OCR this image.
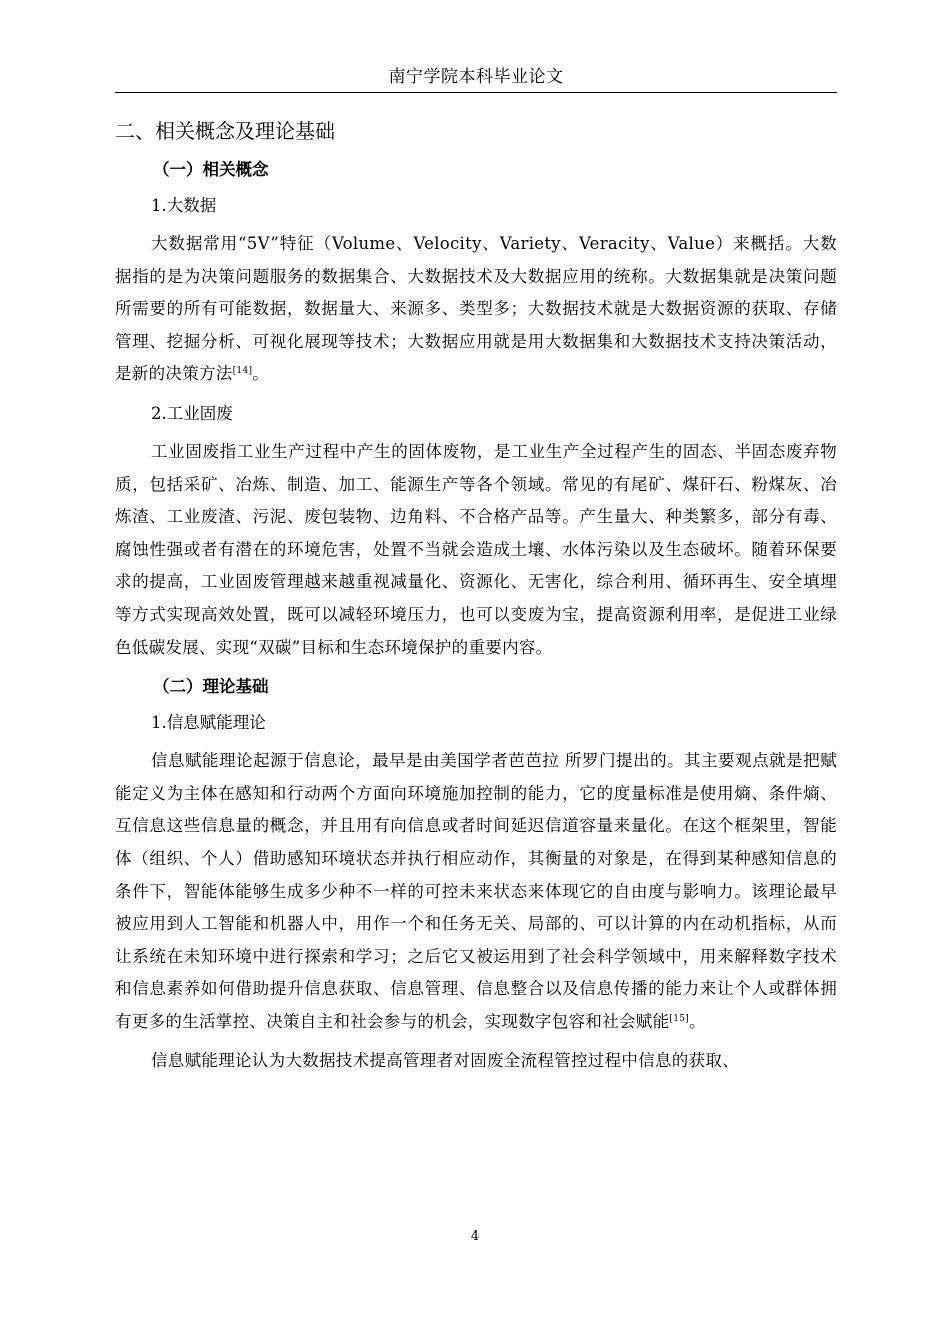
南宁学院本科毕业论文
二、相关概念及理论基础
（一）相关概念
1.大数据

大数据常用“5V”特征（Volume、Velocity、Variety、Veracity、Value）来概括。大数据指的是为决策问题服务的数据集合、大数据技术及大数据应用的统称。大数据集就是决策问题所需要的所有可能数据，数据量大、来源多、类型多；大数据技术就是大数据资源的获取、存储管理、挖掘分析、可视化展现等技术；大数据应用就是用大数据集和大数据技术支持决策活动，是新的决策方法[14]。

2.工业固废

工业固废指工业生产过程中产生的固体废物，是工业生产全过程产生的固态、半固态废弃物质，包括采矿、冶炼、制造、加工、能源生产等各个领域。常见的有尾矿、煤矸石、粉煤灰、冶炼渣、工业废渣、污泥、废包装物、边角料、不合格产品等。产生量大、种类繁多，部分有毒、腐蚀性强或者有潜在的环境危害，处置不当就会造成土壤、水体污染以及生态破坏。随着环保要求的提高，工业固废管理越来越重视减量化、资源化、无害化，综合利用、循环再生、安全填埋等方式实现高效处置，既可以减轻环境压力，也可以变废为宝，提高资源利用率，是促进工业绿色低碳发展、实现“双碳”目标和生态环境保护的重要内容。

（二）理论基础
1.信息赋能理论

信息赋能理论起源于信息论，最早是由美国学者芭芭拉 所罗门提出的。其主要观点就是把赋能定义为主体在感知和行动两个方面向环境施加控制的能力，它的度量标准是使用熵、条件熵、互信息这些信息量的概念，并且用有向信息或者时间延迟信道容量来量化。在这个框架里，智能体（组织、个人）借助感知环境状态并执行相应动作，其衡量的对象是，在得到某种感知信息的条件下，智能体能够生成多少种不一样的可控未来状态来体现它的自由度与影响力。该理论最早被应用到人工智能和机器人中，用作一个和任务无关、局部的、可以计算的内在动机指标，从而让系统在未知环境中进行探索和学习；之后它又被运用到了社会科学领域中，用来解释数字技术和信息素养如何借助提升信息获取、信息管理、信息整合以及信息传播的能力来让个人或群体拥有更多的生活掌控、决策自主和社会参与的机会，实现数字包容和社会赋能[15]。

信息赋能理论认为大数据技术提高管理者对固废全流程管控过程中信息的获取、

4
